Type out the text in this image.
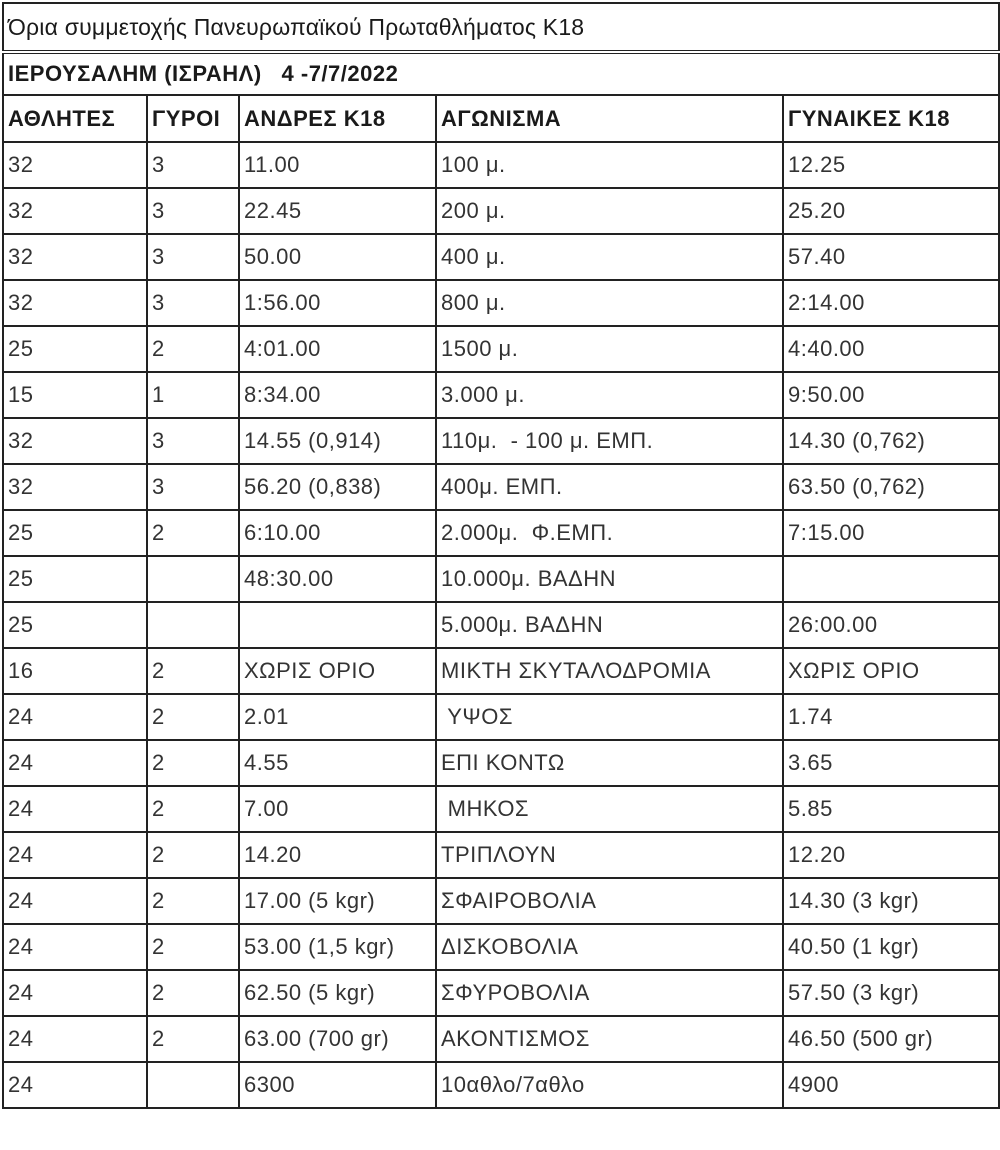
Όρια συμμετοχής Πανευρωπαϊκού Πρωταθλήματος Κ18				
ΙΕΡΟΥΣΑΛΗΜ (ΙΣΡΑΗΛ)   4 -7/7/2022				
ΑΘΛΗΤΕΣ	ΓΥΡΟΙ	ΑΝΔΡΕΣ Κ18	ΑΓΩΝΙΣΜΑ	ΓΥΝΑΙΚΕΣ Κ18
32	3	11.00	100 μ.	12.25
32	3	22.45	200 μ.	25.20
32	3	50.00	400 μ.	57.40
32	3	1:56.00	800 μ.	2:14.00
25	2	4:01.00	1500 μ.	4:40.00
15	1	8:34.00	3.000 μ.	9:50.00
32	3	14.55 (0,914)	110μ.  - 100 μ. ΕΜΠ.	14.30 (0,762)
32	3	56.20 (0,838)	400μ. ΕΜΠ.	63.50 (0,762)
25	2	6:10.00	2.000μ.  Φ.ΕΜΠ.	7:15.00
25		48:30.00	10.000μ. ΒΑΔΗΝ	
25			5.000μ. ΒΑΔΗΝ	26:00.00
16	2	ΧΩΡΙΣ ΟΡΙΟ	ΜΙΚΤΗ ΣΚΥΤΑΛΟΔΡΟΜΙΑ	ΧΩΡΙΣ ΟΡΙΟ
24	2	2.01	ΥΨΟΣ	1.74
24	2	4.55	ΕΠΙ ΚΟΝΤΩ	3.65
24	2	7.00	ΜΗΚΟΣ	5.85
24	2	14.20	ΤΡΙΠΛΟΥΝ	12.20
24	2	17.00 (5 kgr)	ΣΦΑΙΡΟΒΟΛΙΑ	14.30 (3 kgr)
24	2	53.00 (1,5 kgr)	ΔΙΣΚΟΒΟΛΙΑ	40.50 (1 kgr)
24	2	62.50 (5 kgr)	ΣΦΥΡΟΒΟΛΙΑ	57.50 (3 kgr)
24	2	63.00 (700 gr)	ΑΚΟΝΤΙΣΜΟΣ	46.50 (500 gr)
24		6300	10αθλο/7αθλο	4900
